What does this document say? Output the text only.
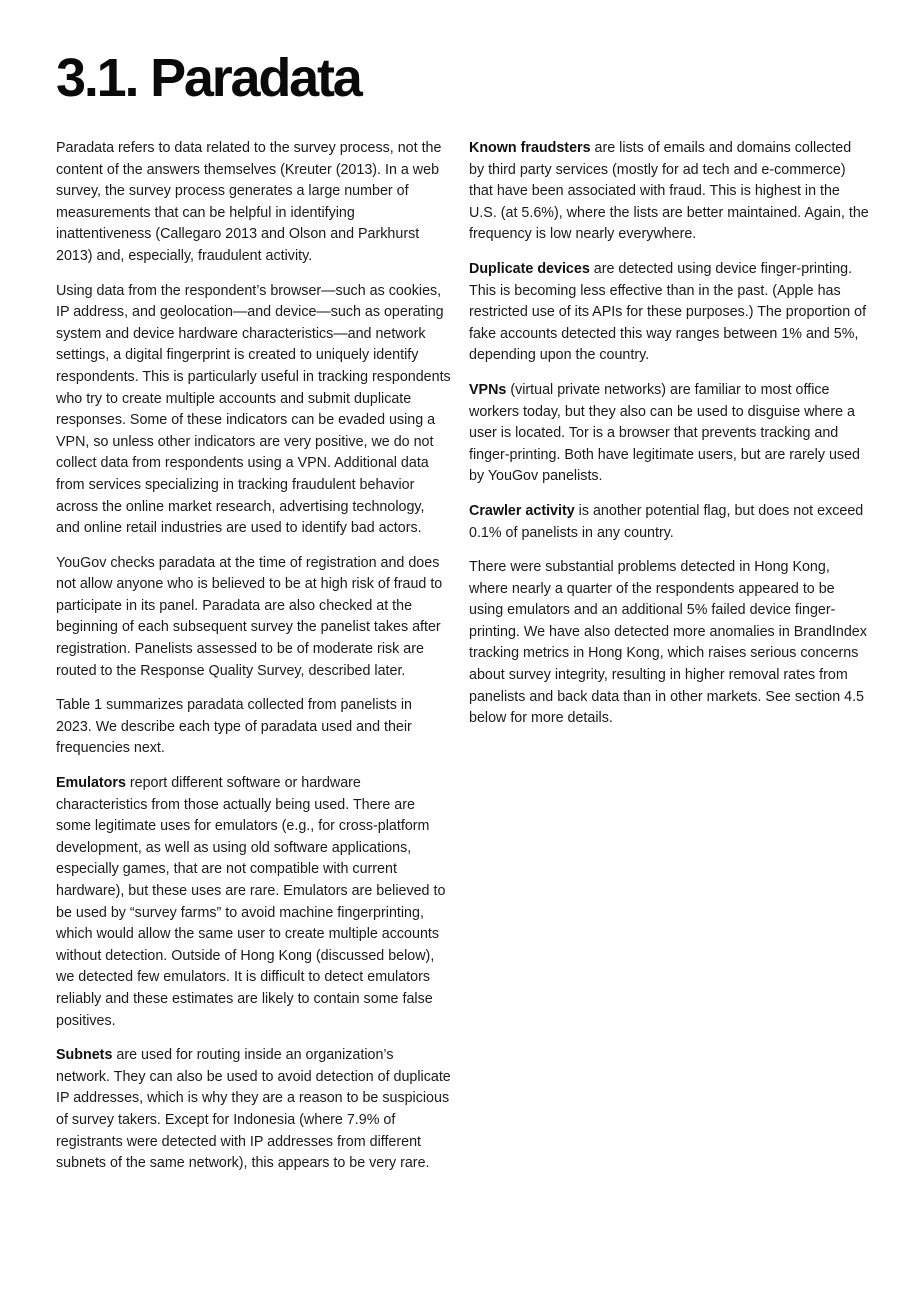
3.1. Paradata

Paradata refers to data related to the survey process, not the content of the answers themselves (Kreuter (2013). In a web survey, the survey process generates a large number of measurements that can be helpful in identifying inattentiveness (Callegaro 2013 and Olson and Parkhurst 2013) and, especially, fraudulent activity.

Using data from the respondent’s browser—such as cookies, IP address, and geolocation—and device—such as operating system and device hardware characteristics—and network settings, a digital fingerprint is created to uniquely identify respondents. This is particularly useful in tracking respondents who try to create multiple accounts and submit duplicate responses. Some of these indicators can be evaded using a VPN, so unless other indicators are very positive, we do not collect data from respondents using a VPN. Additional data from services specializing in tracking fraudulent behavior across the online market research, advertising technology, and online retail industries are used to identify bad actors.

YouGov checks paradata at the time of registration and does not allow anyone who is believed to be at high risk of fraud to participate in its panel. Paradata are also checked at the beginning of each subsequent survey the panelist takes after registration. Panelists assessed to be of moderate risk are routed to the Response Quality Survey, described later.

Table 1 summarizes paradata collected from panelists in 2023. We describe each type of paradata used and their frequencies next.

Emulators report different software or hardware characteristics from those actually being used. There are some legitimate uses for emulators (e.g., for cross-platform development, as well as using old software applications, especially games, that are not compatible with current hardware), but these uses are rare. Emulators are believed to be used by “survey farms” to avoid machine fingerprinting, which would allow the same user to create multiple accounts without detection. Outside of Hong Kong (discussed below), we detected few emulators. It is difficult to detect emulators reliably and these estimates are likely to contain some false positives.

Subnets are used for routing inside an organization’s network. They can also be used to avoid detection of duplicate IP addresses, which is why they are a reason to be suspicious of survey takers. Except for Indonesia (where 7.9% of registrants were detected with IP addresses from different subnets of the same network), this appears to be very rare.

Known fraudsters are lists of emails and domains collected by third party services (mostly for ad tech and e-commerce) that have been associated with fraud. This is highest in the U.S. (at 5.6%), where the lists are better maintained. Again, the frequency is low nearly everywhere.

Duplicate devices are detected using device finger-printing. This is becoming less effective than in the past. (Apple has restricted use of its APIs for these purposes.) The proportion of fake accounts detected this way ranges between 1% and 5%, depending upon the country.

VPNs (virtual private networks) are familiar to most office workers today, but they also can be used to disguise where a user is located. Tor is a browser that prevents tracking and finger-printing. Both have legitimate users, but are rarely used by YouGov panelists.

Crawler activity is another potential flag, but does not exceed 0.1% of panelists in any country.

There were substantial problems detected in Hong Kong, where nearly a quarter of the respondents appeared to be using emulators and an additional 5% failed device finger-printing. We have also detected more anomalies in BrandIndex tracking metrics in Hong Kong, which raises serious concerns about survey integrity, resulting in higher removal rates from panelists and back data than in other markets. See section 4.5 below for more details.
